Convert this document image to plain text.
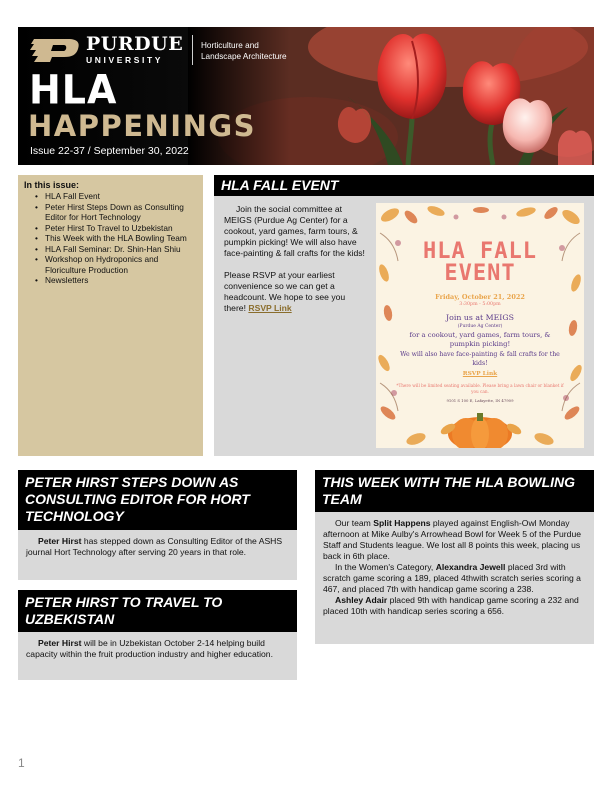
PURDUE
UNIVERSITY
Horticulture and
Landscape Architecture
HLA
HAPPENINGS
Issue 22-37 / September 30, 2022
In this issue:
• HLA Fall Event
• Peter Hirst Steps Down as Consulting Editor for Hort Technology
• Peter Hirst To Travel to Uzbekistan
• This Week with the HLA Bowling Team
• HLA Fall Seminar: Dr. Shin-Han Shiu
• Workshop on Hydroponics and Floriculture Production
• Newsletters
HLA FALL EVENT

Join the social committee at MEIGS (Purdue Ag Center) for a cookout, yard games, farm tours, & pumpkin picking! We will also have face-painting & fall crafts for the kids!

Please RSVP at your earliest convenience so we can get a headcount. We hope to see you there! RSVP Link

HLA FALL
EVENT
Friday, October 21, 2022
3:30pm - 5:00pm
Join us at MEIGS
(Purdue Ag Center)
for a cookout, yard games, farm tours, & pumpkin picking!
We will also have face-painting & fall crafts for the kids!
RSVP Link
*There will be limited seating available. Please bring a lawn chair or blanket if you can.
9101 S 100 E, Lafayette, IN 47909
PETER HIRST STEPS DOWN AS CONSULTING EDITOR FOR HORT TECHNOLOGY

Peter Hirst has stepped down as Consulting Editor of the ASHS journal Hort Technology after serving 20 years in that role.

PETER HIRST TO TRAVEL TO UZBEKISTAN

Peter Hirst will be in Uzbekistan October 2-14 helping build capacity within the fruit production industry and higher education.

THIS WEEK WITH THE HLA BOWLING TEAM

Our team Split Happens played against English-Owl Monday afternoon at Mike Aulby's Arrowhead Bowl for Week 5 of the Purdue Staff and Students league. We lost all 8 points this week, placing us back in 6th place.

In the Women's Category, Alexandra Jewell placed 3rd with scratch game scoring a 189, placed 4thwith scratch series scoring a 467, and placed 7th with handicap game scoring a 238.

Ashley Adair placed 9th with handicap game scoring a 232 and placed 10th with handicap series scoring a 656.

1
